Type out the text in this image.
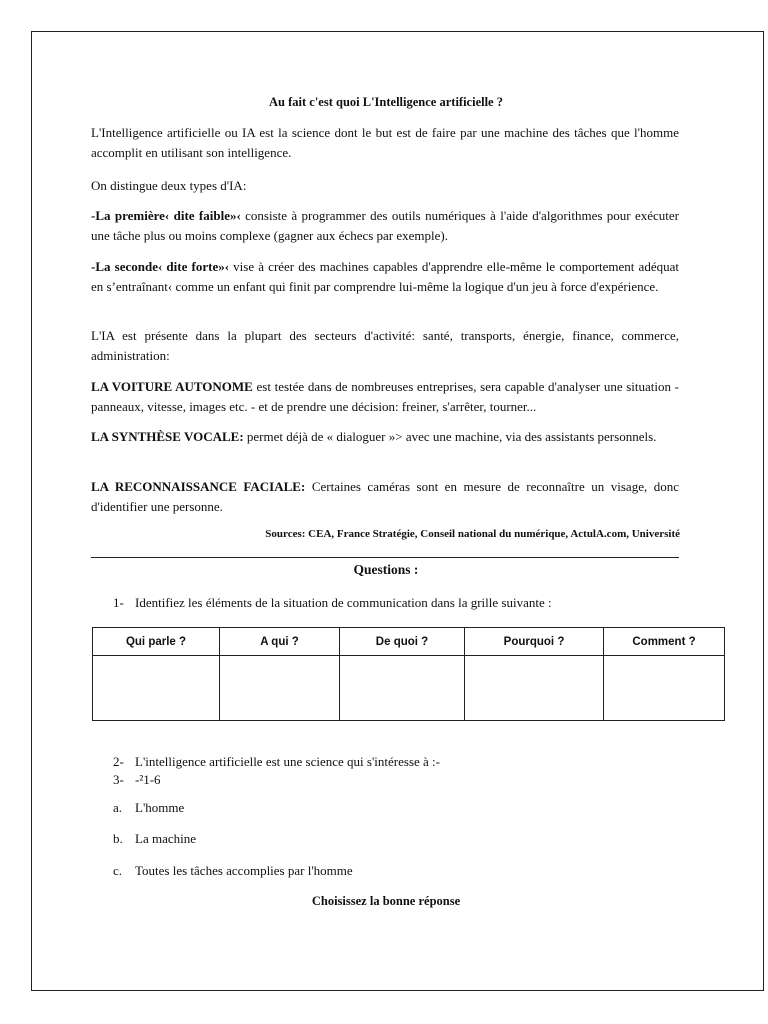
Au fait c'est quoi L'Intelligence artificielle ?

L'Intelligence artificielle ou IA est la science dont le but est de faire par une machine des tâches que l'homme accomplit en utilisant son intelligence.

On distingue deux types d'IA:

-La première‹ dite faible»‹ consiste à programmer des outils numériques à l'aide d'algorithmes pour exécuter une tâche plus ou moins complexe (gagner aux échecs par exemple).

-La seconde‹ dite forte»‹ vise à créer des machines capables d'apprendre elle-même le comportement adéquat en s’entraînant‹ comme un enfant qui finit par comprendre lui-même la logique d'un jeu à force d'expérience.

L'IA est présente dans la plupart des secteurs d'activité: santé, transports, énergie, finance, commerce, administration:

LA VOITURE AUTONOME est testée dans de nombreuses entreprises, sera capable d'analyser une situation -panneaux, vitesse, images etc. - et de prendre une décision: freiner, s'arrêter, tourner...

LA SYNTHÈSE VOCALE: permet déjà de « dialoguer »> avec une machine, via des assistants personnels.

LA RECONNAISSANCE FACIALE: Certaines caméras sont en mesure de reconnaître un visage, donc d'identifier une personne.

Sources: CEA, France Stratégie, Conseil national du numérique, ActulA.com, Université
Questions :
1- Identifiez les éléments de la situation de communication dans la grille suivante :
Qui parle ?	A qui ?	De quoi ?	Pourquoi ?	Comment ?

2- L'intelligence artificielle est une science qui s'intéresse à :-
3- -²1-6
a. L'homme
b. La machine
c. Toutes les tâches accomplies par l'homme
Choisissez la bonne réponse
